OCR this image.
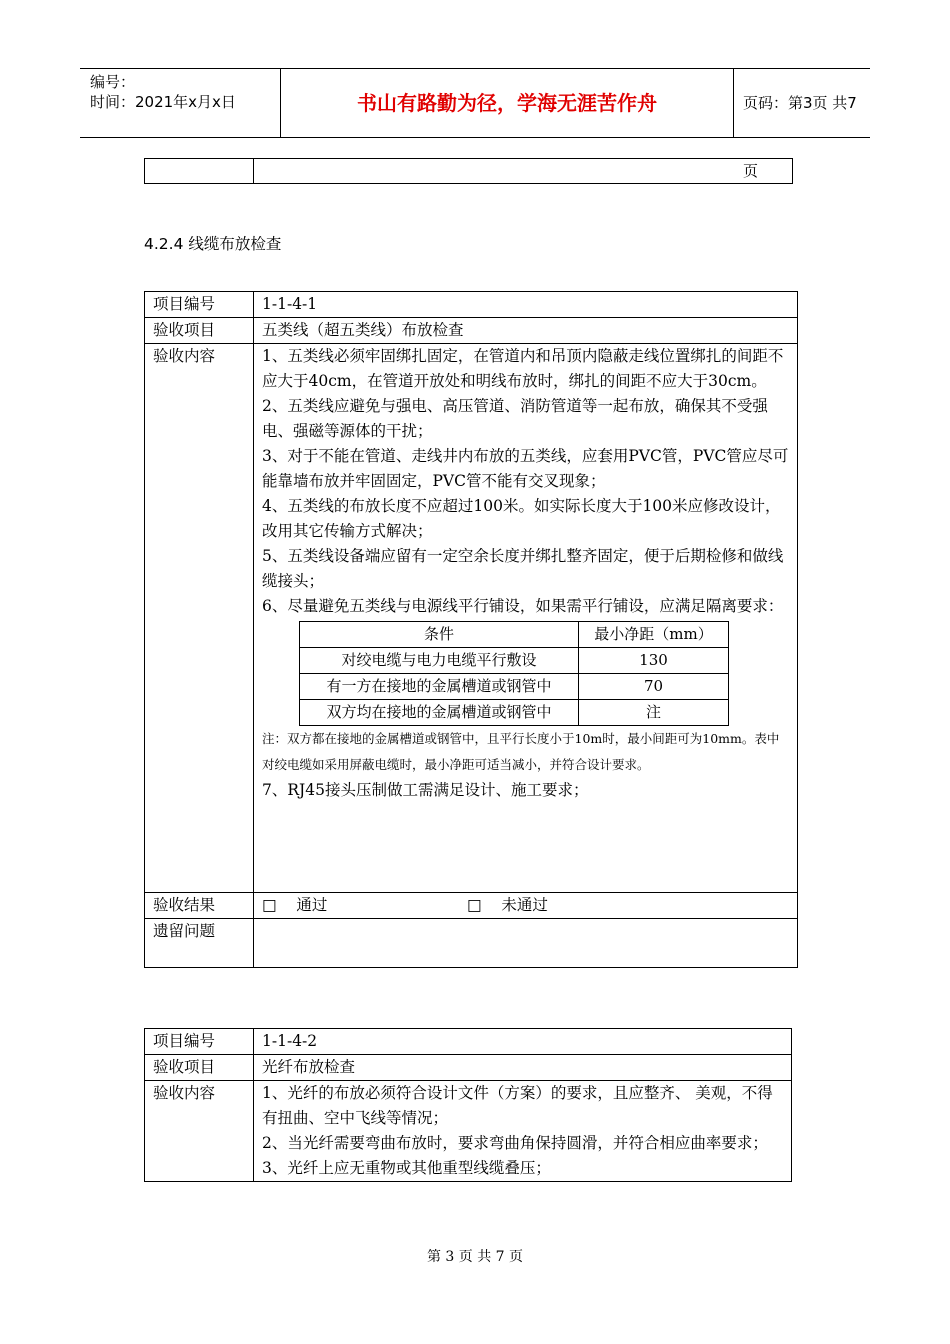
编号：
时间：2021年x月x日	书山有路勤为径，学海无涯苦作舟	页码：第3页 共7页

4.2.4 线缆布放检查
项目编号	1-1-4-1
验收项目	五类线（超五类线）布放检查
验收内容	1、五类线必须牢固绑扎固定，在管道内和吊顶内隐蔽走线位置绑扎的间距不应大于40cm，在管道开放处和明线布放时，绑扎的间距不应大于30cm。

2、五类线应避免与强电、高压管道、消防管道等一起布放，确保其不受强电、强磁等源体的干扰；

3、对于不能在管道、走线井内布放的五类线，应套用PVC管，PVC管应尽可能靠墙布放并牢固固定，PVC管不能有交叉现象；

4、五类线的布放长度不应超过100米。如实际长度大于100米应修改设计，改用其它传输方式解决；

5、五类线设备端应留有一定空余长度并绑扎整齐固定，便于后期检修和做线缆接头；

6、尽量避免五类线与电源线平行铺设，如果需平行铺设，应满足隔离要求：

条件	最小净距（mm）
对绞电缆与电力电缆平行敷设	130
有一方在接地的金属槽道或钢管中	70
双方均在接地的金属槽道或钢管中	注

注：双方都在接地的金属槽道或钢管中，且平行长度小于10m时，最小间距可为10mm。表中对绞电缆如采用屏蔽电缆时，最小净距可适当减小，并符合设计要求。

7、RJ45接头压制做工需满足设计、施工要求；

验收结果	□ 通过	□ 未通过
遗留问题	
项目编号	1-1-4-2
验收项目	光纤布放检查
验收内容	1、光纤的布放必须符合设计文件（方案）的要求，且应整齐、 美观，不得有扭曲、空中飞线等情况；

2、当光纤需要弯曲布放时，要求弯曲角保持圆滑，并符合相应曲率要求；

3、光纤上应无重物或其他重型线缆叠压；

第 3 页 共 7 页
